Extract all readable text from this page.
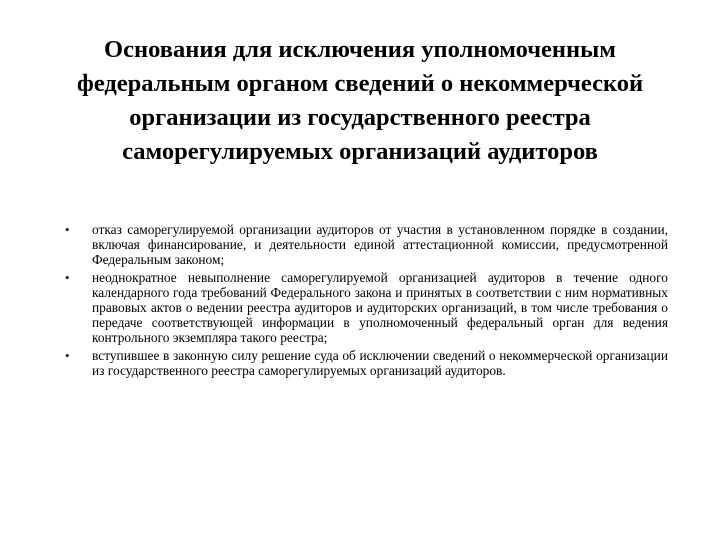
Основания для исключения уполномоченным федеральным органом сведений о некоммерческой организации из государственного реестра саморегулируемых организаций аудиторов
• отказ саморегулируемой организации аудиторов от участия в установленном порядке в создании, включая финансирование, и деятельности единой аттестационной комиссии, предусмотренной Федеральным законом;
• неоднократное невыполнение саморегулируемой организацией аудиторов в течение одного календарного года требований Федерального закона и принятых в соответствии с ним нормативных правовых актов о ведении реестра аудиторов и аудиторских организаций, в том числе требования о передаче соответствующей информации в уполномоченный федеральный орган для ведения контрольного экземпляра такого реестра;
• вступившее в законную силу решение суда об исключении сведений о некоммерческой организации из государственного реестра саморегулируемых организаций аудиторов.
